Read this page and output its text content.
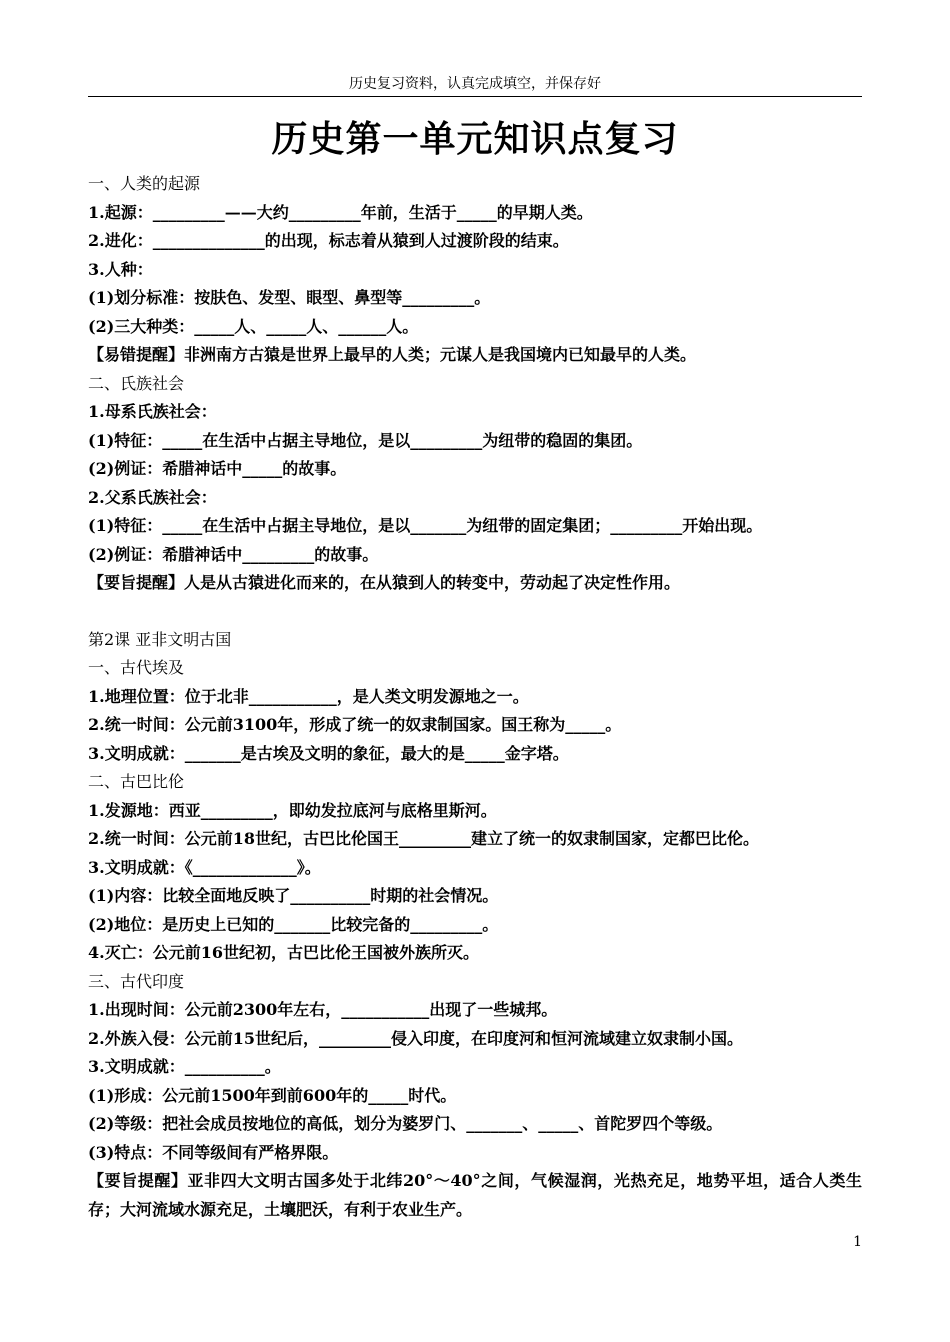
历史复习资料，认真完成填空，并保存好
历史第一单元知识点复习
一、人类的起源
1.起源：_________——大约_________年前，生活于_____的早期人类。
2.进化：______________的出现，标志着从猿到人过渡阶段的结束。
3.人种：
(1)划分标准：按肤色、发型、眼型、鼻型等_________。
(2)三大种类：_____人、_____人、______人。
【易错提醒】非洲南方古猿是世界上最早的人类；元谋人是我国境内已知最早的人类。
二、氏族社会
1.母系氏族社会：
(1)特征：_____在生活中占据主导地位，是以_________为纽带的稳固的集团。
(2)例证：希腊神话中_____的故事。
2.父系氏族社会：
(1)特征：_____在生活中占据主导地位，是以_______为纽带的固定集团；_________开始出现。
(2)例证：希腊神话中_________的故事。
【要旨提醒】人是从古猿进化而来的，在从猿到人的转变中，劳动起了决定性作用。
第2课 亚非文明古国
一、古代埃及
1.地理位置：位于北非___________，是人类文明发源地之一。
2.统一时间：公元前3100年，形成了统一的奴隶制国家。国王称为_____。
3.文明成就：_______是古埃及文明的象征，最大的是_____金字塔。
二、古巴比伦
1.发源地：西亚_________，即幼发拉底河与底格里斯河。
2.统一时间：公元前18世纪，古巴比伦国王_________建立了统一的奴隶制国家，定都巴比伦。
3.文明成就：《_____________》。
(1)内容：比较全面地反映了__________时期的社会情况。
(2)地位：是历史上已知的_______比较完备的_________。
4.灭亡：公元前16世纪初，古巴比伦王国被外族所灭。
三、古代印度
1.出现时间：公元前2300年左右，___________出现了一些城邦。
2.外族入侵：公元前15世纪后，_________侵入印度，在印度河和恒河流域建立奴隶制小国。
3.文明成就：__________。
(1)形成：公元前1500年到前600年的_____时代。
(2)等级：把社会成员按地位的高低，划分为婆罗门、_______、_____、首陀罗四个等级。
(3)特点：不同等级间有严格界限。
【要旨提醒】亚非四大文明古国多处于北纬20°～40°之间，气候湿润，光热充足，地势平坦，适合人类生存；大河流域水源充足，土壤肥沃，有利于农业生产。
1
